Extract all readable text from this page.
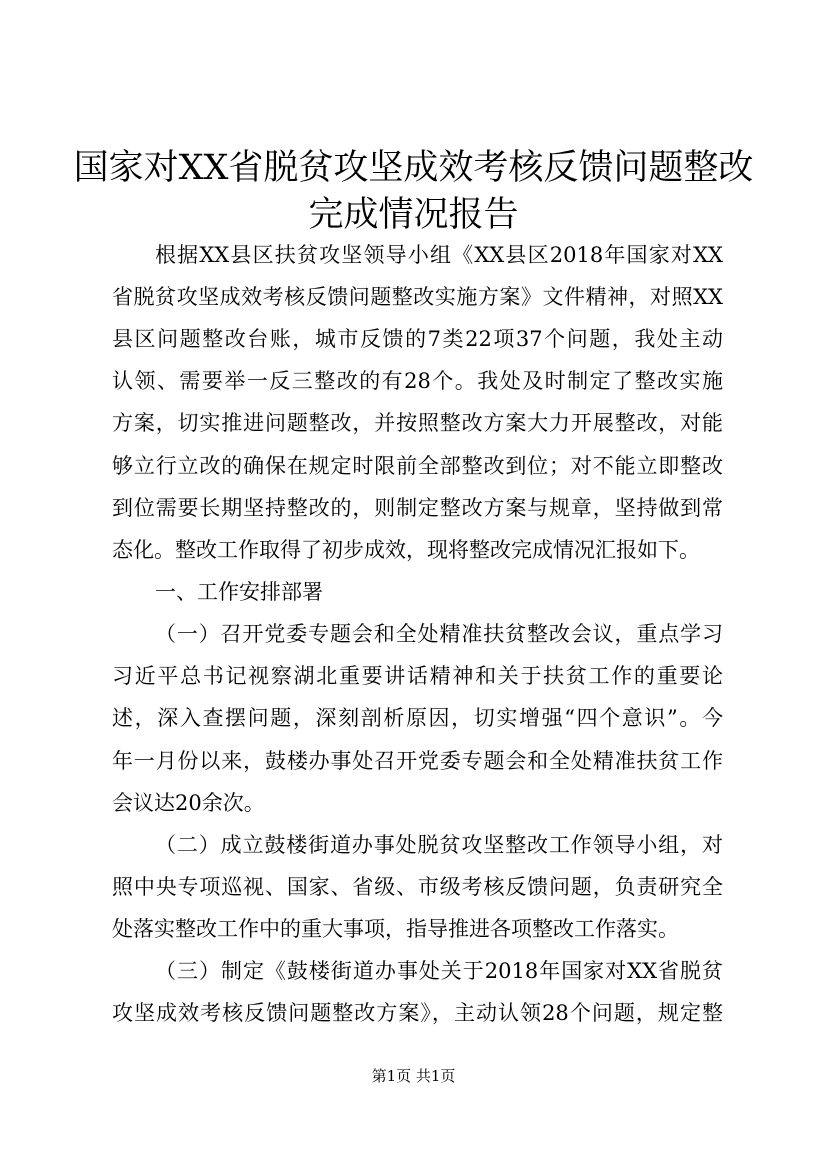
国家对XX省脱贫攻坚成效考核反馈问题整改
完成情况报告
根据XX县区扶贫攻坚领导小组《XX县区2018年国家对XX
省脱贫攻坚成效考核反馈问题整改实施方案》文件精神，对照XX
县区问题整改台账，城市反馈的7类22项37个问题，我处主动
认领、需要举一反三整改的有28个。我处及时制定了整改实施
方案，切实推进问题整改，并按照整改方案大力开展整改，对能
够立行立改的确保在规定时限前全部整改到位；对不能立即整改
到位需要长期坚持整改的，则制定整改方案与规章，坚持做到常
态化。整改工作取得了初步成效，现将整改完成情况汇报如下。
一、工作安排部署
（一）召开党委专题会和全处精准扶贫整改会议，重点学习
习近平总书记视察湖北重要讲话精神和关于扶贫工作的重要论
述，深入查摆问题，深刻剖析原因，切实增强“四个意识”。今
年一月份以来，鼓楼办事处召开党委专题会和全处精准扶贫工作
会议达20余次。
（二）成立鼓楼街道办事处脱贫攻坚整改工作领导小组，对
照中央专项巡视、国家、省级、市级考核反馈问题，负责研究全
处落实整改工作中的重大事项，指导推进各项整改工作落实。
（三）制定《鼓楼街道办事处关于2018年国家对XX省脱贫
攻坚成效考核反馈问题整改方案》，主动认领28个问题，规定整
第1页 共1页
